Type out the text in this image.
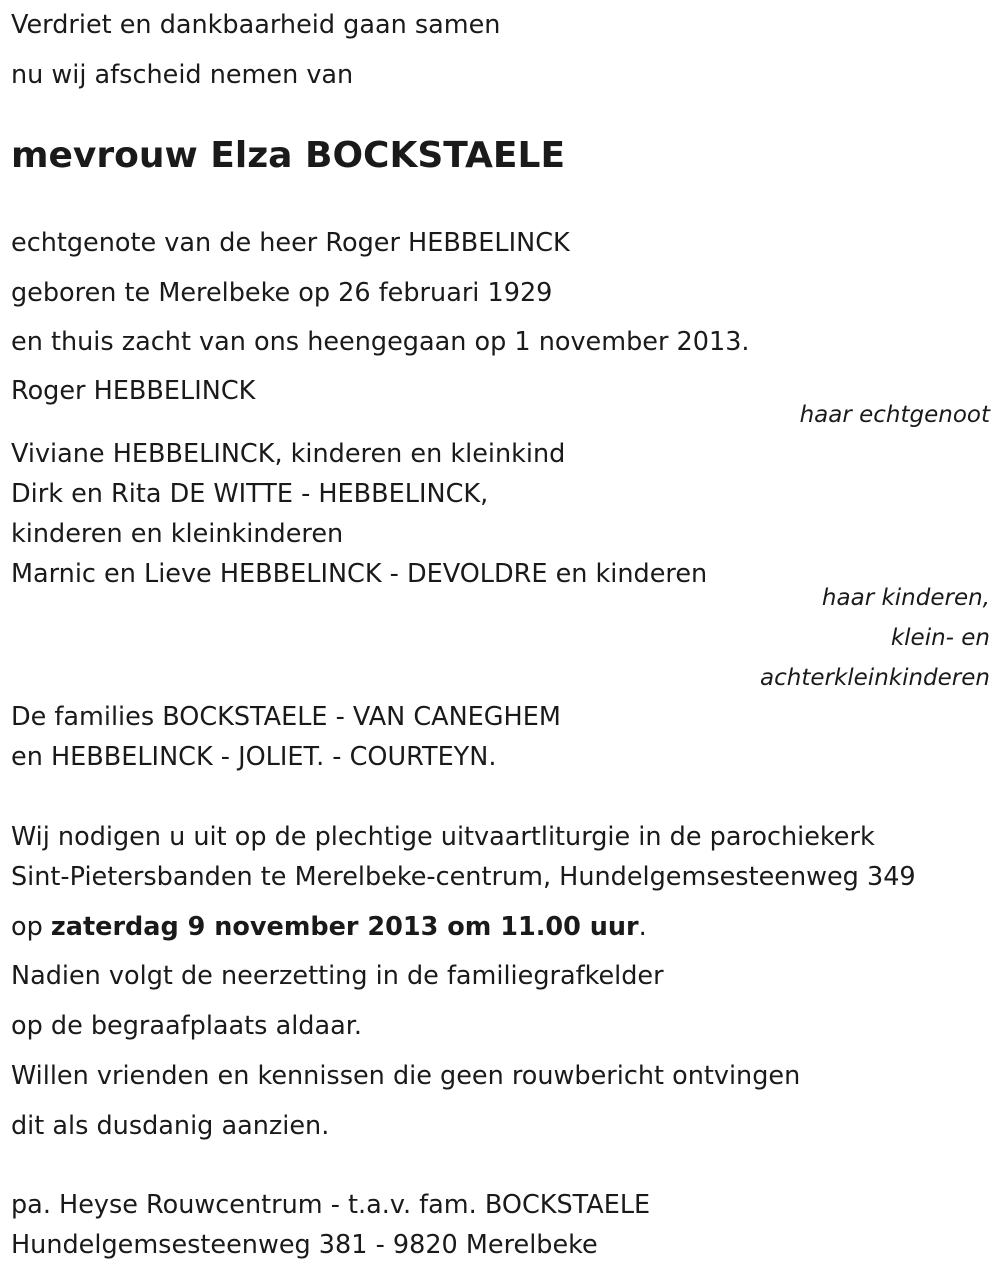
Verdriet en dankbaarheid gaan samen

nu wij afscheid nemen van

mevrouw Elza BOCKSTAELE

echtgenote van de heer Roger HEBBELINCK

geboren te Merelbeke op 26 februari 1929

en thuis zacht van ons heengegaan op 1 november 2013.

Roger HEBBELINCK

haar echtgenoot

Viviane HEBBELINCK, kinderen en kleinkind

Dirk en Rita DE WITTE - HEBBELINCK,

kinderen en kleinkinderen

Marnic en Lieve HEBBELINCK - DEVOLDRE en kinderen

haar kinderen,

klein- en

achterkleinkinderen

De families BOCKSTAELE - VAN CANEGHEM

en HEBBELINCK - JOLIET. - COURTEYN.

Wij nodigen u uit op de plechtige uitvaartliturgie in de parochiekerk

Sint-Pietersbanden te Merelbeke-centrum, Hundelgemsesteenweg 349

op zaterdag 9 november 2013 om 11.00 uur.

Nadien volgt de neerzetting in de familiegrafkelder

op de begraafplaats aldaar.

Willen vrienden en kennissen die geen rouwbericht ontvingen

dit als dusdanig aanzien.

pa. Heyse Rouwcentrum - t.a.v. fam. BOCKSTAELE

Hundelgemsesteenweg 381 - 9820 Merelbeke
